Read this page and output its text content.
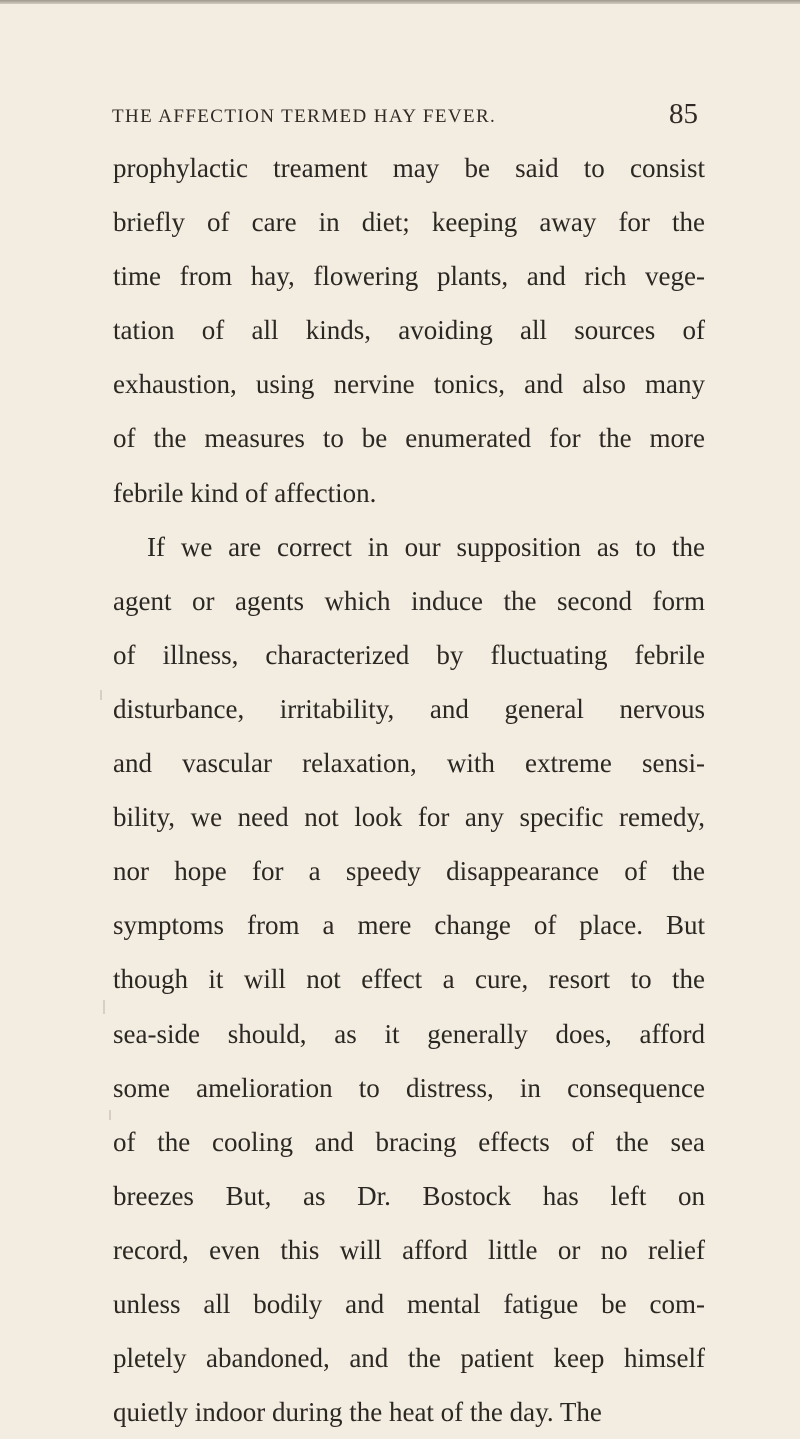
THE AFFECTION TERMED HAY FEVER.	85
prophylactic treament may be said to consist
briefly of care in diet; keeping away for the
time from hay, flowering plants, and rich vege-
tation of all kinds, avoiding all sources of
exhaustion, using nervine tonics, and also many
of the measures to be enumerated for the more
febrile kind of affection.
If we are correct in our supposition as to the
agent or agents which induce the second form
of illness, characterized by fluctuating febrile
disturbance, irritability, and general nervous
and vascular relaxation, with extreme sensi-
bility, we need not look for any specific remedy,
nor hope for a speedy disappearance of the
symptoms from a mere change of place. But
though it will not effect a cure, resort to the
sea-side should, as it generally does, afford
some amelioration to distress, in consequence
of the cooling and bracing effects of the sea
breezes But, as Dr. Bostock has left on
record, even this will afford little or no relief
unless all bodily and mental fatigue be com-
pletely abandoned, and the patient keep himself
quietly indoor during the heat of the day. The
